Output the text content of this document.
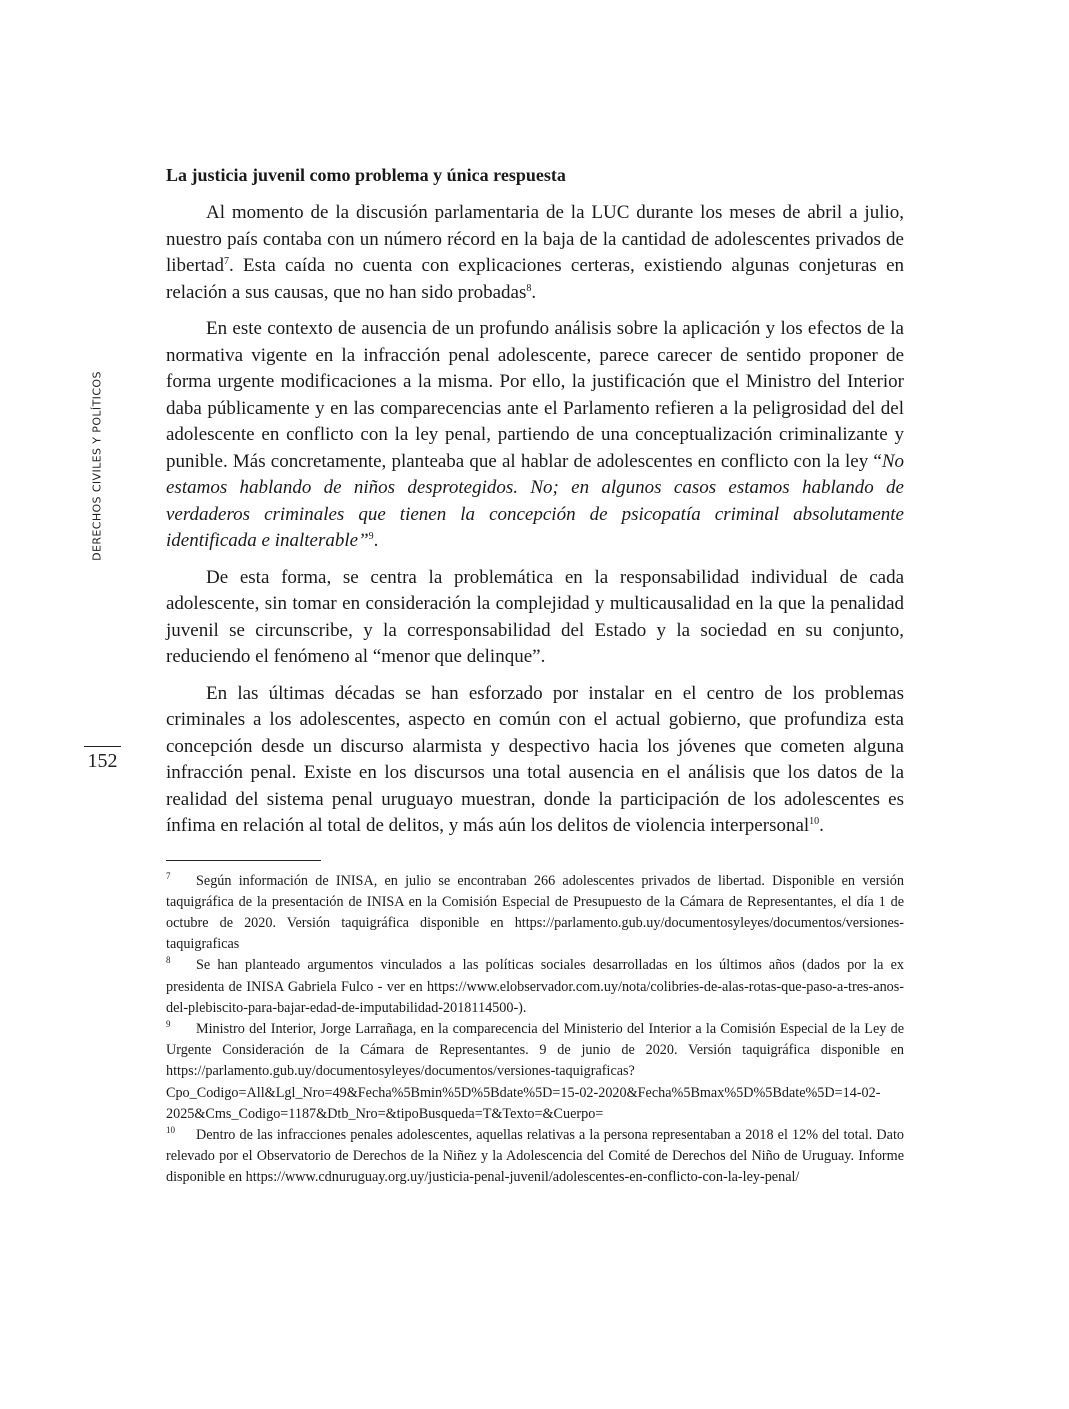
DERECHOS CIVILES Y POLÍTICOS
152
La justicia juvenil como problema y única respuesta

Al momento de la discusión parlamentaria de la LUC durante los meses de abril a julio, nuestro país contaba con un número récord en la baja de la cantidad de adolescentes privados de libertad$^7$. Esta caída no cuenta con explicaciones certeras, existiendo algunas conjeturas en relación a sus causas, que no han sido probadas$^8$.

En este contexto de ausencia de un profundo análisis sobre la aplicación y los efectos de la normativa vigente en la infracción penal adolescente, parece carecer de sentido proponer de forma urgente modificaciones a la misma. Por ello, la justificación que el Ministro del Interior daba públicamente y en las comparecencias ante el Parlamento refieren a la peligrosidad del del adolescente en conflicto con la ley penal, partiendo de una conceptualización criminalizante y punible. Más concretamente, planteaba que al hablar de adolescentes en conflicto con la ley “No estamos hablando de niños desprotegidos. No; en algunos casos estamos hablando de verdaderos criminales que tienen la concepción de psicopatía criminal absolutamente identificada e inalterable”$^9$.

De esta forma, se centra la problemática en la responsabilidad individual de cada adolescente, sin tomar en consideración la complejidad y multicausalidad en la que la penalidad juvenil se circunscribe, y la corresponsabilidad del Estado y la sociedad en su conjunto, reduciendo el fenómeno al “menor que delinque”.

En las últimas décadas se han esforzado por instalar en el centro de los problemas criminales a los adolescentes, aspecto en común con el actual gobierno, que profundiza esta concepción desde un discurso alarmista y despectivo hacia los jóvenes que cometen alguna infracción penal. Existe en los discursos una total ausencia en el análisis que los datos de la realidad del sistema penal uruguayo muestran, donde la participación de los adolescentes es ínfima en relación al total de delitos, y más aún los delitos de violencia interpersonal$^{10}$.

7 Según información de INISA, en julio se encontraban 266 adolescentes privados de libertad. Disponible en versión taquigráfica de la presentación de INISA en la Comisión Especial de Presupuesto de la Cámara de Representantes, el día 1 de octubre de 2020. Versión taquigráfica disponible en https://parlamento.gub.uy/documentosyleyes/documentos/versiones-taquigraficas

8 Se han planteado argumentos vinculados a las políticas sociales desarrolladas en los últimos años (dados por la ex presidenta de INISA Gabriela Fulco - ver en https://www.elobservador.com.uy/nota/colibries-de-alas-rotas-que-paso-a-tres-anos-del-plebiscito-para-bajar-edad-de-imputabilidad-2018114500-).

9 Ministro del Interior, Jorge Larrañaga, en la comparecencia del Ministerio del Interior a la Comisión Especial de la Ley de Urgente Consideración de la Cámara de Representantes. 9 de junio de 2020. Versión taquigráfica disponible en https://parlamento.gub.uy/documentosyleyes/documentos/versiones-taquigraficas?Cpo_Codigo=All&Lgl_Nro=49&Fecha%5Bmin%5D%5Bdate%5D=15-02-2020&Fecha%5Bmax%5D%5Bdate%5D=14-02-2025&Cms_Codigo=1187&Dtb_Nro=&tipoBusqueda=T&Texto=&Cuerpo=

10 Dentro de las infracciones penales adolescentes, aquellas relativas a la persona representaban a 2018 el 12% del total. Dato relevado por el Observatorio de Derechos de la Niñez y la Adolescencia del Comité de Derechos del Niño de Uruguay. Informe disponible en https://www.cdnuruguay.org.uy/justicia-penal-juvenil/adolescentes-en-conflicto-con-la-ley-penal/
